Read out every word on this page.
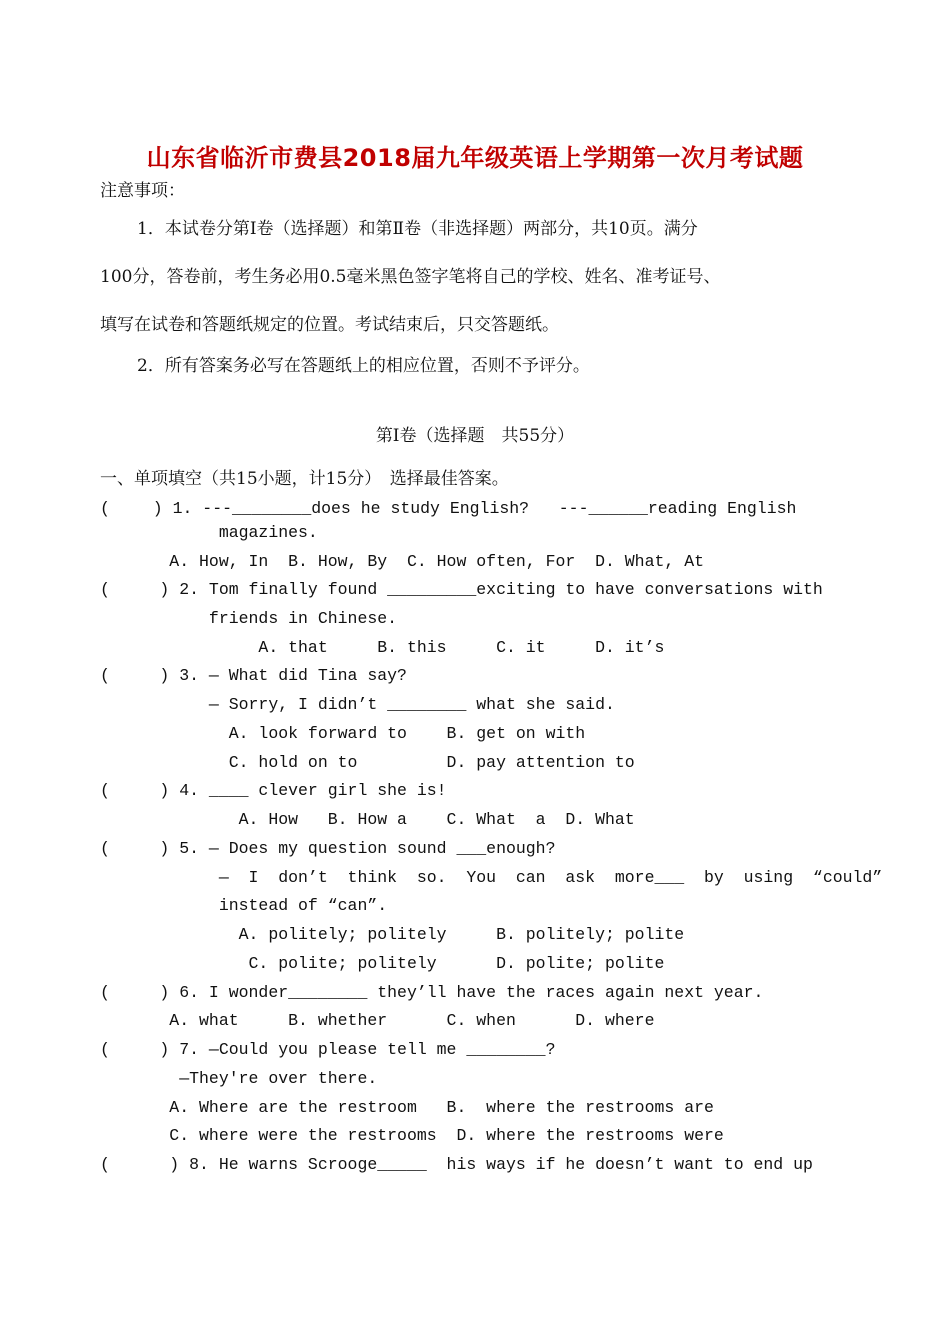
山东省临沂市费县2018届九年级英语上学期第一次月考试题
注意事项：
1．本试卷分第Ⅰ卷（选择题）和第Ⅱ卷（非选择题）两部分，共10页。满分
100分，答卷前，考生务必用0.5毫米黑色签字笔将自己的学校、姓名、准考证号、
填写在试卷和答题纸规定的位置。考试结束后，只交答题纸。
2．所有答案务必写在答题纸上的相应位置，否则不予评分。
第Ⅰ卷（选择题　共55分）
一、单项填空（共15小题，计15分）　选择最佳答案。
(　　 ) 1. ---________does he study English?   ---______reading English
magazines.
A. How, In  B. How, By  C. How often, For  D. What, At
(     ) 2. Tom finally found _________exciting to have conversations with
friends in Chinese.
A. that     B. this     C. it     D. it’s
(     ) 3. — What did Tina say?
— Sorry, I didn’t ________ what she said.
A. look forward to    B. get on with
C. hold on to         D. pay attention to
(     ) 4. ____ clever girl she is!
A. How   B. How a    C. What  a  D. What
(     ) 5. — Does my question sound ___enough?
—  I  don’t  think  so.  You  can  ask  more___  by  using  “could”
instead of “can”.
A. politely; politely     B. politely; polite
C. polite; politely      D. polite; polite
(     ) 6. I wonder________ they’ll have the races again next year.
A. what     B. whether      C. when      D. where
(     ) 7. —Could you please tell me ________?
—They're over there.
A. Where are the restroom   B.  where the restrooms are
C. where were the restrooms  D. where the restrooms were
(      ) 8. He warns Scrooge_____  his ways if he doesn’t want to end up
